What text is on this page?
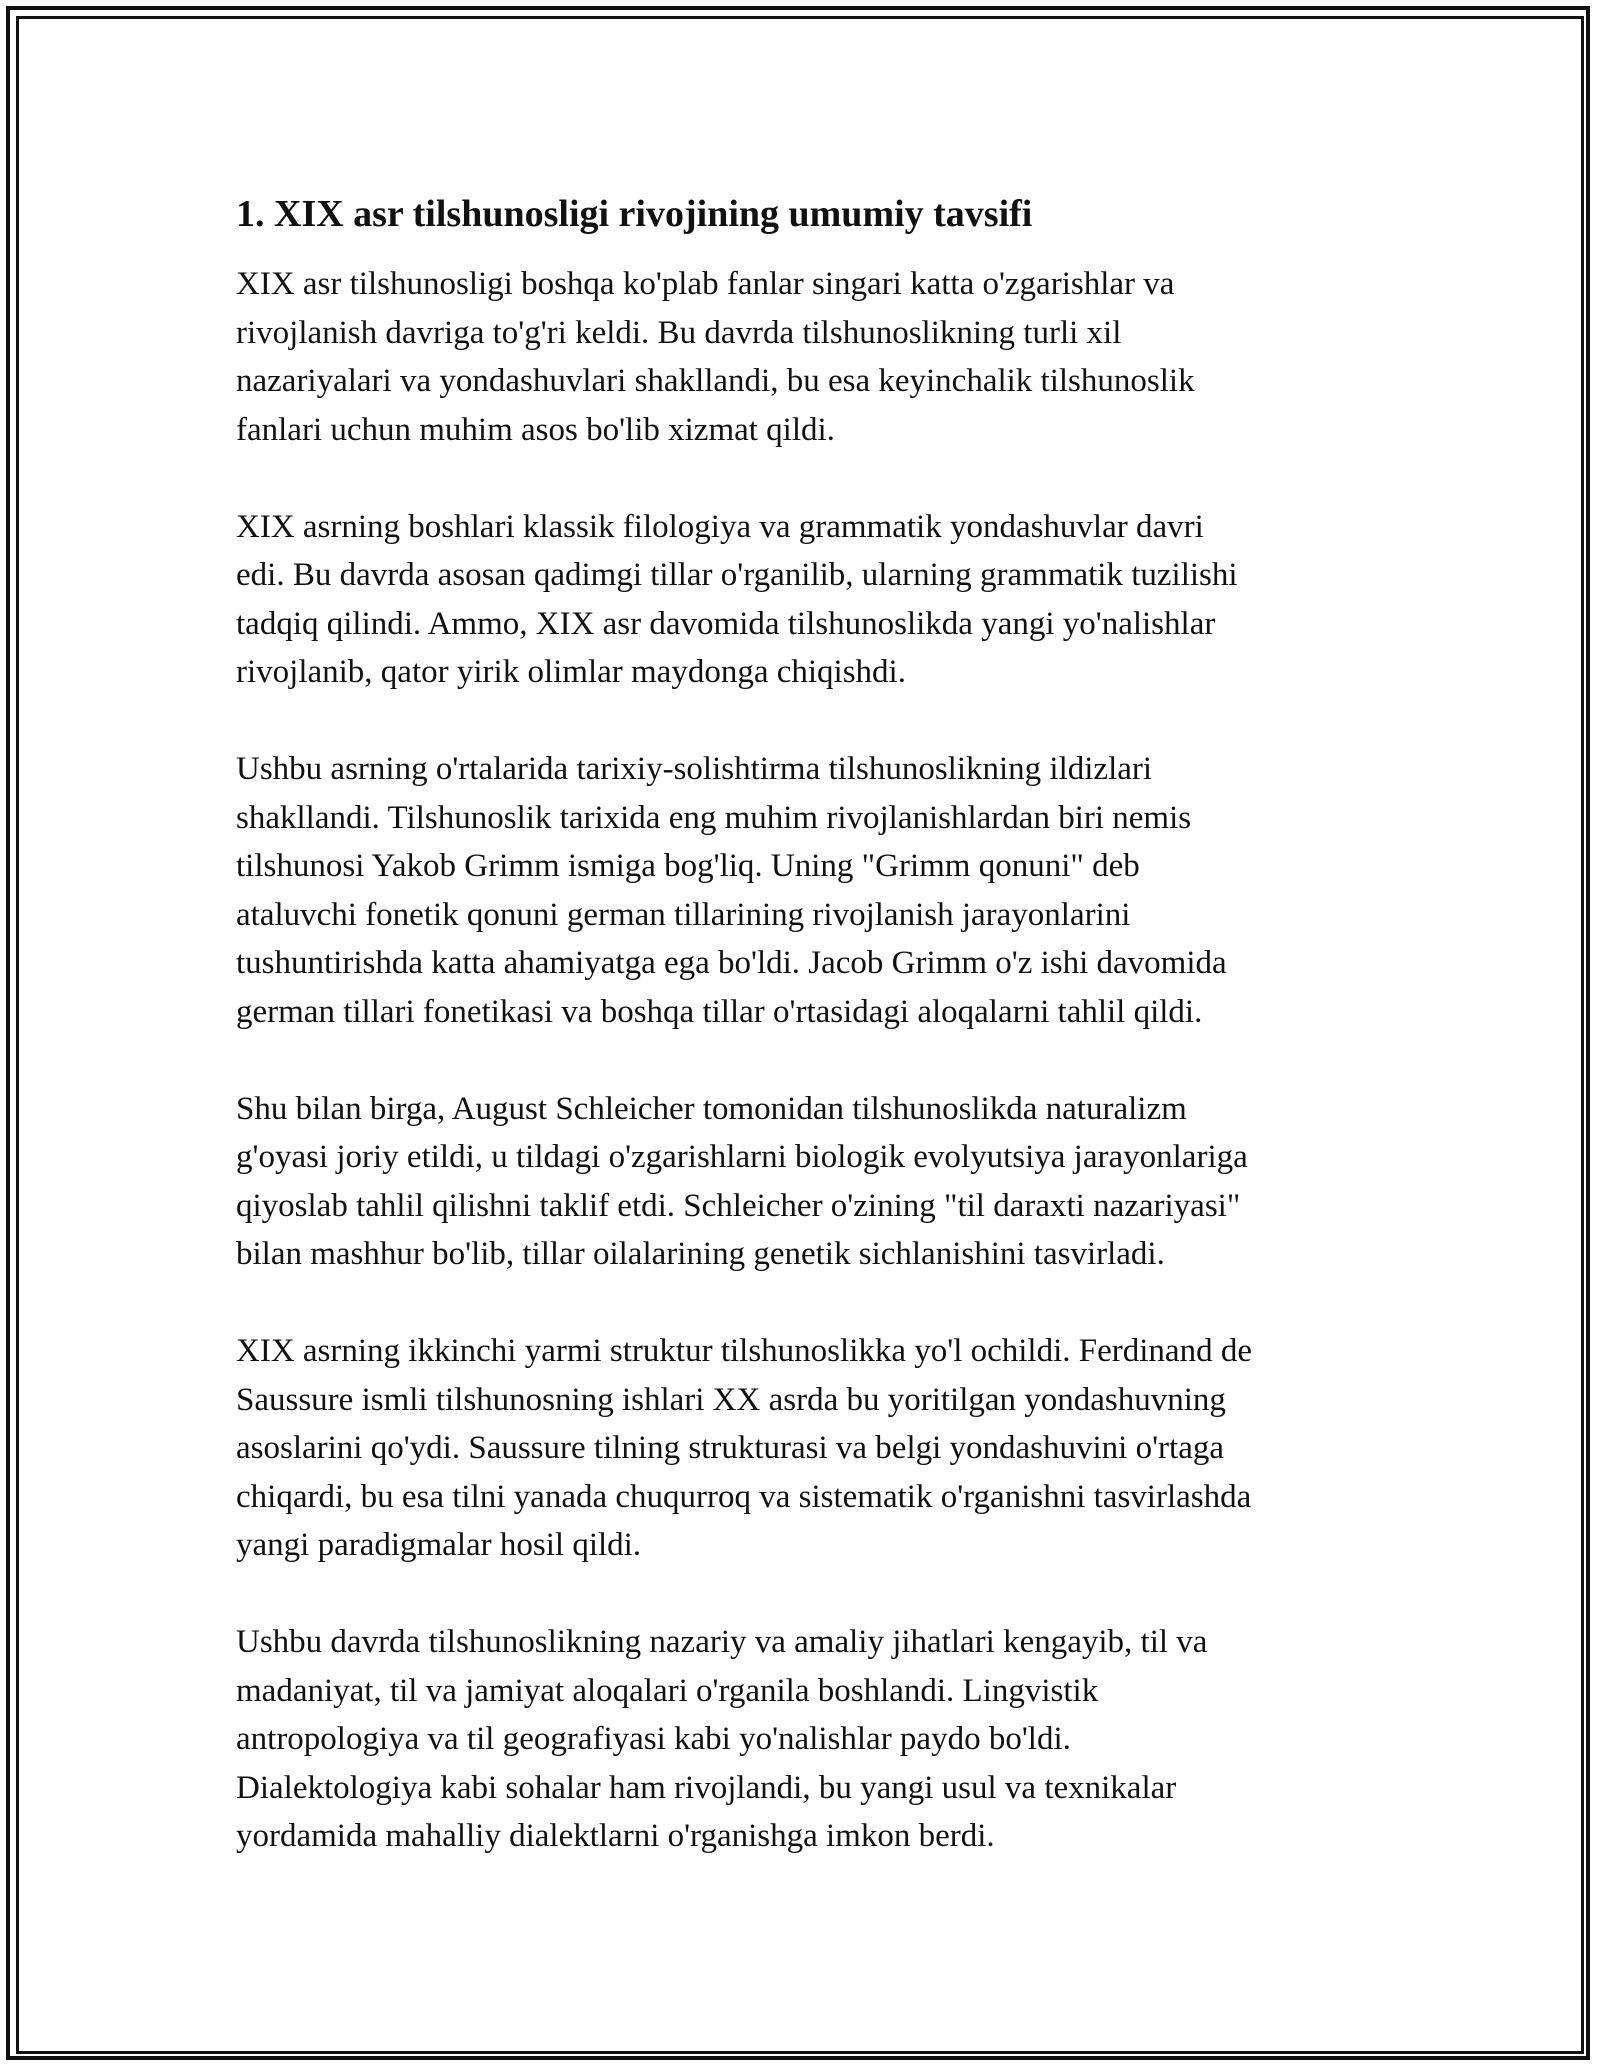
1. XIX asr tilshunosligi rivojining umumiy tavsifi

XIX asr tilshunosligi boshqa ko'plab fanlar singari katta o'zgarishlar va
rivojlanish davriga to'g'ri keldi. Bu davrda tilshunoslikning turli xil
nazariyalari va yondashuvlari shakllandi, bu esa keyinchalik tilshunoslik
fanlari uchun muhim asos bo'lib xizmat qildi.

XIX asrning boshlari klassik filologiya va grammatik yondashuvlar davri
edi. Bu davrda asosan qadimgi tillar o'rganilib, ularning grammatik tuzilishi
tadqiq qilindi. Ammo, XIX asr davomida tilshunoslikda yangi yo'nalishlar
rivojlanib, qator yirik olimlar maydonga chiqishdi.

Ushbu asrning o'rtalarida tarixiy-solishtirma tilshunoslikning ildizlari
shakllandi. Tilshunoslik tarixida eng muhim rivojlanishlardan biri nemis
tilshunosi Yakob Grimm ismiga bog'liq. Uning "Grimm qonuni" deb
ataluvchi fonetik qonuni german tillarining rivojlanish jarayonlarini
tushuntirishda katta ahamiyatga ega bo'ldi. Jacob Grimm o'z ishi davomida
german tillari fonetikasi va boshqa tillar o'rtasidagi aloqalarni tahlil qildi.

Shu bilan birga, August Schleicher tomonidan tilshunoslikda naturalizm
g'oyasi joriy etildi, u tildagi o'zgarishlarni biologik evolyutsiya jarayonlariga
qiyoslab tahlil qilishni taklif etdi. Schleicher o'zining "til daraxti nazariyasi"
bilan mashhur bo'lib, tillar oilalarining genetik sichlanishini tasvirladi.

XIX asrning ikkinchi yarmi struktur tilshunoslikka yo'l ochildi. Ferdinand de
Saussure ismli tilshunosning ishlari XX asrda bu yoritilgan yondashuvning
asoslarini qo'ydi. Saussure tilning strukturasi va belgi yondashuvini o'rtaga
chiqardi, bu esa tilni yanada chuqurroq va sistematik o'rganishni tasvirlashda
yangi paradigmalar hosil qildi.

Ushbu davrda tilshunoslikning nazariy va amaliy jihatlari kengayib, til va
madaniyat, til va jamiyat aloqalari o'rganila boshlandi. Lingvistik
antropologiya va til geografiyasi kabi yo'nalishlar paydo bo'ldi.
Dialektologiya kabi sohalar ham rivojlandi, bu yangi usul va texnikalar
yordamida mahalliy dialektlarni o'rganishga imkon berdi.
